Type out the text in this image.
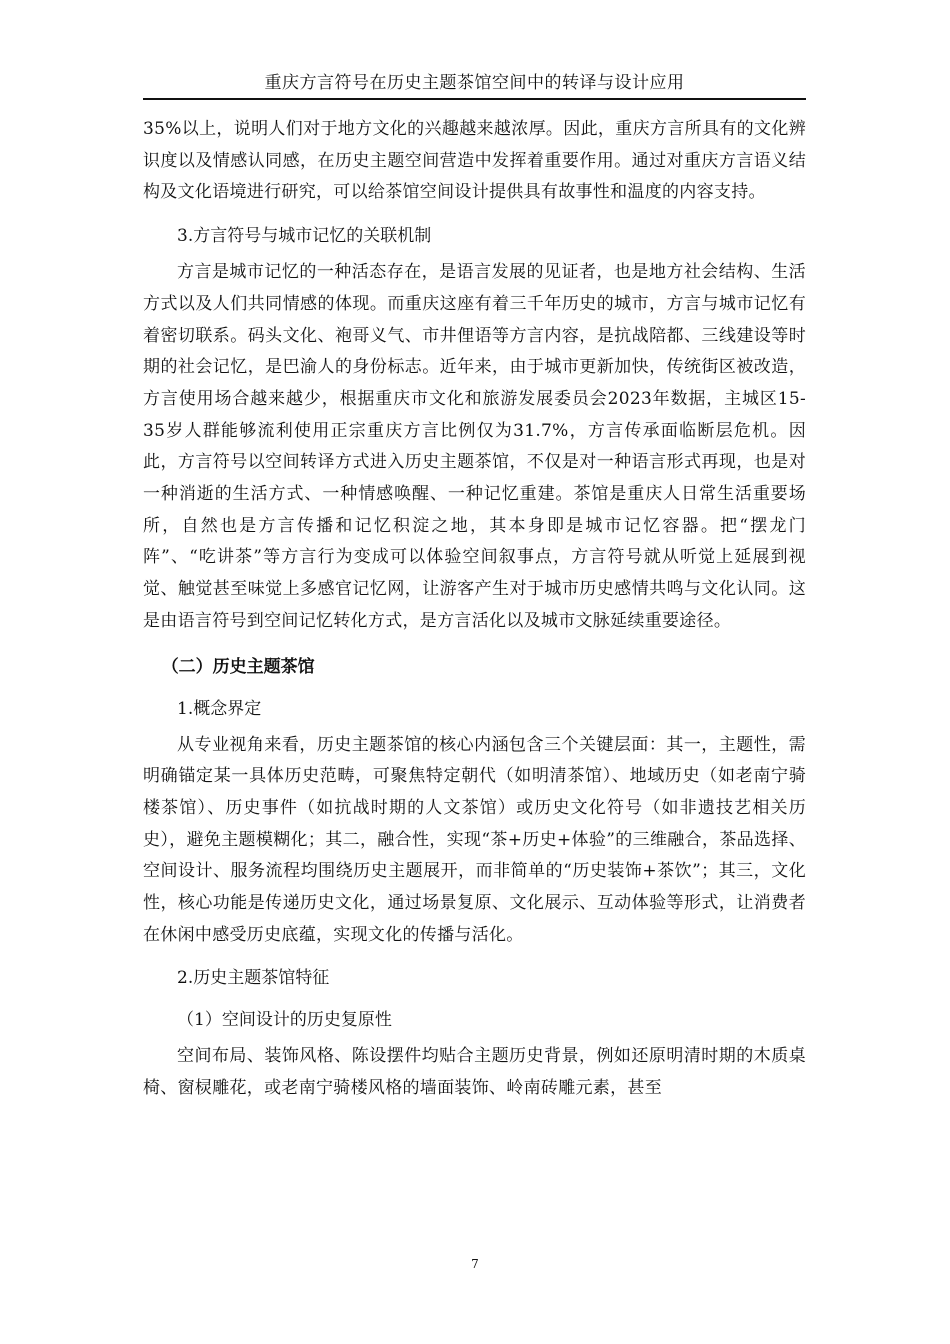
重庆方言符号在历史主题茶馆空间中的转译与设计应用

35%以上，说明人们对于地方文化的兴趣越来越浓厚。因此，重庆方言所具有的文化辨识度以及情感认同感，在历史主题空间营造中发挥着重要作用。通过对重庆方言语义结构及文化语境进行研究，可以给茶馆空间设计提供具有故事性和温度的内容支持。

3.方言符号与城市记忆的关联机制

方言是城市记忆的一种活态存在，是语言发展的见证者，也是地方社会结构、生活方式以及人们共同情感的体现。而重庆这座有着三千年历史的城市，方言与城市记忆有着密切联系。码头文化、袍哥义气、市井俚语等方言内容，是抗战陪都、三线建设等时期的社会记忆，是巴渝人的身份标志。近年来，由于城市更新加快，传统街区被改造，方言使用场合越来越少，根据重庆市文化和旅游发展委员会2023年数据，主城区15-35岁人群能够流利使用正宗重庆方言比例仅为31.7%，方言传承面临断层危机。因此，方言符号以空间转译方式进入历史主题茶馆，不仅是对一种语言形式再现，也是对一种消逝的生活方式、一种情感唤醒、一种记忆重建。茶馆是重庆人日常生活重要场所，自然也是方言传播和记忆积淀之地，其本身即是城市记忆容器。把“摆龙门阵”、“吃讲茶”等方言行为变成可以体验空间叙事点，方言符号就从听觉上延展到视觉、触觉甚至味觉上多感官记忆网，让游客产生对于城市历史感情共鸣与文化认同。这是由语言符号到空间记忆转化方式，是方言活化以及城市文脉延续重要途径。

（二）历史主题茶馆

1.概念界定

从专业视角来看，历史主题茶馆的核心内涵包含三个关键层面：其一，主题性，需明确锚定某一具体历史范畴，可聚焦特定朝代（如明清茶馆）、地域历史（如老南宁骑楼茶馆）、历史事件（如抗战时期的人文茶馆）或历史文化符号（如非遗技艺相关历史），避免主题模糊化；其二，融合性，实现“茶+历史+体验”的三维融合，茶品选择、空间设计、服务流程均围绕历史主题展开，而非简单的“历史装饰+茶饮”；其三，文化性，核心功能是传递历史文化，通过场景复原、文化展示、互动体验等形式，让消费者在休闲中感受历史底蕴，实现文化的传播与活化。

2.历史主题茶馆特征

（1）空间设计的历史复原性

空间布局、装饰风格、陈设摆件均贴合主题历史背景，例如还原明清时期的木质桌椅、窗棂雕花，或老南宁骑楼风格的墙面装饰、岭南砖雕元素，甚至

7
